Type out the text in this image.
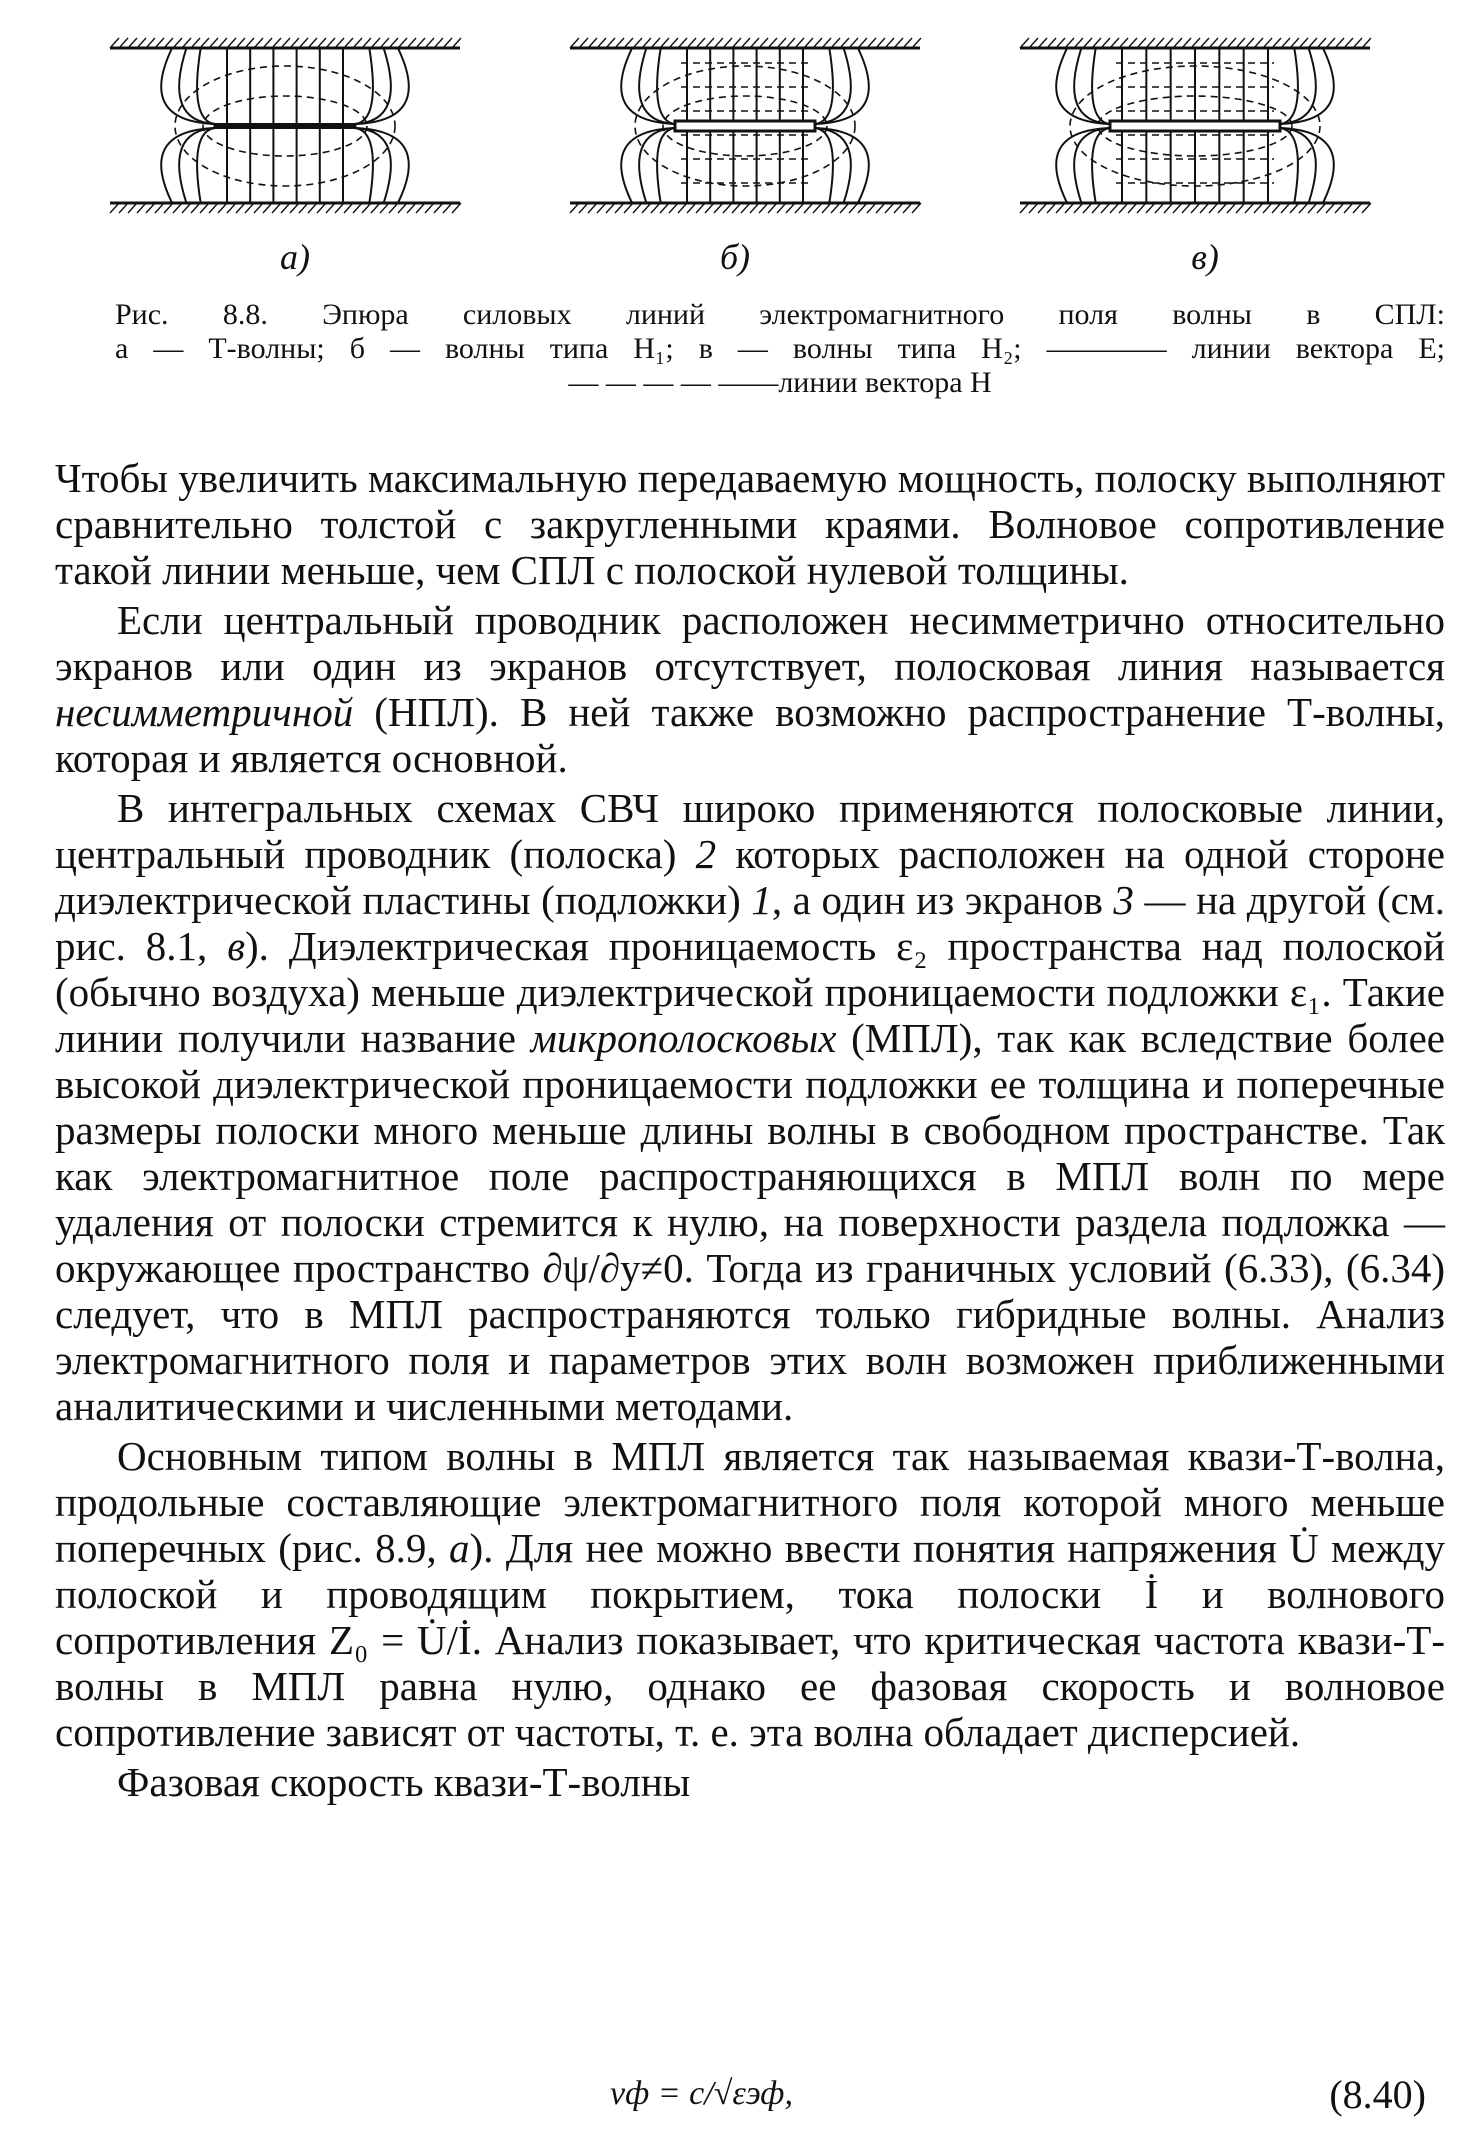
а)	б)	в)

Рис. 8.8. Эпюра силовых линий электромагнитного поля волны в СПЛ:

а — Т-волны; б — волны типа H₁; в — волны типа H₂; ———— линии вектора E;

— — — — ——линии вектора H

Чтобы увеличить максимальную передаваемую мощность, полоску выполняют сравнительно толстой с закругленными краями. Волновое сопротивление такой линии меньше, чем СПЛ с полоской нулевой толщины.

Если центральный проводник расположен несимметрично относительно экранов или один из экранов отсутствует, полосковая линия называется несимметричной (НПЛ). В ней также возможно распространение Т-волны, которая и является основной.

В интегральных схемах СВЧ широко применяются полосковые линии, центральный проводник (полоска) 2 которых расположен на одной стороне диэлектрической пластины (подложки) 1, а один из экранов 3 — на другой (см. рис. 8.1, в). Диэлектрическая проницаемость ε₂ пространства над полоской (обычно воздуха) меньше диэлектрической проницаемости подложки ε₁. Такие линии получили название микрополосковых (МПЛ), так как вследствие более высокой диэлектрической проницаемости подложки ее толщина и поперечные размеры полоски много меньше длины волны в свободном пространстве. Так как электромагнитное поле распространяющихся в МПЛ волн по мере удаления от полоски стремится к нулю, на поверхности раздела подложка — окружающее пространство ∂ψ/∂y≠0. Тогда из граничных условий (6.33), (6.34) следует, что в МПЛ распространяются только гибридные волны. Анализ электромагнитного поля и параметров этих волн возможен приближенными аналитическими и численными методами.

Основным типом волны в МПЛ является так называемая квази-Т-волна, продольные составляющие электромагнитного поля которой много меньше поперечных (рис. 8.9, а). Для нее можно ввести понятия напряжения U̇ между полоской и проводящим покрытием, тока полоски İ и волнового сопротивления Z₀ = U̇/İ. Анализ показывает, что критическая частота квази-Т-волны в МПЛ равна нулю, однако ее фазовая скорость и волновое сопротивление зависят от частоты, т. е. эта волна обладает дисперсией.

Фазовая скорость квази-Т-волны

vф = c/√εэф,	(8.40)
